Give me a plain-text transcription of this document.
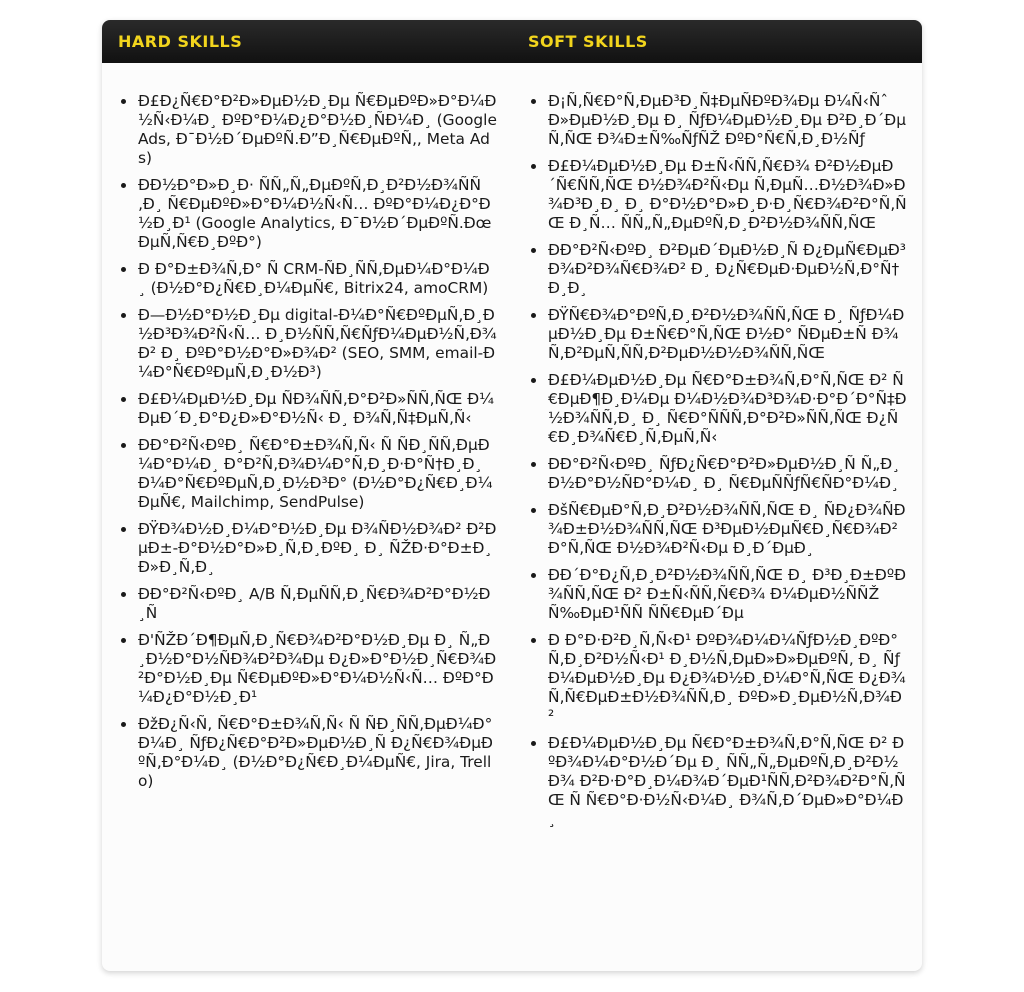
HARD SKILLS	SOFT SKILLS
Ð£Ð¿Ñ€Ð°Ð²Ð»ÐµÐ½Ð¸Ðµ Ñ€ÐµÐºÐ»Ð°Ð¼Ð½Ñ‹Ð¼Ð¸ ÐºÐ°Ð¼Ð¿Ð°Ð½Ð¸ÑÐ¼Ð¸ (Google Ads, Ð¯Ð½Ð´ÐµÐºÑ.Ð”Ð¸Ñ€ÐµÐºÑ‚, Meta Ads)
ÐÐ½Ð°Ð»Ð¸Ð· ÑÑ„Ñ„ÐµÐºÑ‚Ð¸Ð²Ð½Ð¾ÑÑ‚Ð¸ Ñ€ÐµÐºÐ»Ð°Ð¼Ð½Ñ‹Ñ… ÐºÐ°Ð¼Ð¿Ð°Ð½Ð¸Ð¹ (Google Analytics, Ð¯Ð½Ð´ÐµÐºÑ.ÐœÐµÑ‚Ñ€Ð¸ÐºÐ°)
Ð Ð°Ð±Ð¾Ñ‚Ð° Ñ CRM-ÑÐ¸ÑÑ‚ÐµÐ¼Ð°Ð¼Ð¸ (Ð½Ð°Ð¿Ñ€Ð¸Ð¼ÐµÑ€, Bitrix24, amoCRM)
Ð—Ð½Ð°Ð½Ð¸Ðµ digital-Ð¼Ð°Ñ€ÐºÐµÑ‚Ð¸Ð½Ð³Ð¾Ð²Ñ‹Ñ… Ð¸Ð½ÑÑ‚Ñ€ÑƒÐ¼ÐµÐ½Ñ‚Ð¾Ð² Ð¸ ÐºÐ°Ð½Ð°Ð»Ð¾Ð² (SEO, SMM, email-Ð¼Ð°Ñ€ÐºÐµÑ‚Ð¸Ð½Ð³)
Ð£Ð¼ÐµÐ½Ð¸Ðµ ÑÐ¾ÑÑ‚Ð°Ð²Ð»ÑÑ‚ÑŒ Ð¼ÐµÐ´Ð¸Ð°Ð¿Ð»Ð°Ð½Ñ‹ Ð¸ Ð¾Ñ‚Ñ‡ÐµÑ‚Ñ‹
ÐÐ°Ð²Ñ‹ÐºÐ¸ Ñ€Ð°Ð±Ð¾Ñ‚Ñ‹ Ñ ÑÐ¸ÑÑ‚ÐµÐ¼Ð°Ð¼Ð¸ Ð°Ð²Ñ‚Ð¾Ð¼Ð°Ñ‚Ð¸Ð·Ð°Ñ†Ð¸Ð¸ Ð¼Ð°Ñ€ÐºÐµÑ‚Ð¸Ð½Ð³Ð° (Ð½Ð°Ð¿Ñ€Ð¸Ð¼ÐµÑ€, Mailchimp, SendPulse)
ÐŸÐ¾Ð½Ð¸Ð¼Ð°Ð½Ð¸Ðµ Ð¾ÑÐ½Ð¾Ð² Ð²ÐµÐ±-Ð°Ð½Ð°Ð»Ð¸Ñ‚Ð¸ÐºÐ¸ Ð¸ ÑŽÐ·Ð°Ð±Ð¸Ð»Ð¸Ñ‚Ð¸
ÐÐ°Ð²Ñ‹ÐºÐ¸ A/B Ñ‚ÐµÑÑ‚Ð¸Ñ€Ð¾Ð²Ð°Ð½Ð¸Ñ
Ð'ÑŽÐ´Ð¶ÐµÑ‚Ð¸Ñ€Ð¾Ð²Ð°Ð½Ð¸Ðµ Ð¸ Ñ„Ð¸Ð½Ð°Ð½ÑÐ¾Ð²Ð¾Ðµ Ð¿Ð»Ð°Ð½Ð¸Ñ€Ð¾Ð²Ð°Ð½Ð¸Ðµ Ñ€ÐµÐºÐ»Ð°Ð¼Ð½Ñ‹Ñ… ÐºÐ°Ð¼Ð¿Ð°Ð½Ð¸Ð¹
ÐžÐ¿Ñ‹Ñ‚ Ñ€Ð°Ð±Ð¾Ñ‚Ñ‹ Ñ ÑÐ¸ÑÑ‚ÐµÐ¼Ð°Ð¼Ð¸ ÑƒÐ¿Ñ€Ð°Ð²Ð»ÐµÐ½Ð¸Ñ Ð¿Ñ€Ð¾ÐµÐºÑ‚Ð°Ð¼Ð¸ (Ð½Ð°Ð¿Ñ€Ð¸Ð¼ÐµÑ€, Jira, Trello)
Ð¡Ñ‚Ñ€Ð°Ñ‚ÐµÐ³Ð¸Ñ‡ÐµÑÐºÐ¾Ðµ Ð¼Ñ‹ÑˆÐ»ÐµÐ½Ð¸Ðµ Ð¸ ÑƒÐ¼ÐµÐ½Ð¸Ðµ Ð²Ð¸Ð´ÐµÑ‚ÑŒ Ð¾Ð±Ñ‰ÑƒÑŽ ÐºÐ°Ñ€Ñ‚Ð¸Ð½Ñƒ
Ð£Ð¼ÐµÐ½Ð¸Ðµ Ð±Ñ‹ÑÑ‚Ñ€Ð¾ Ð²Ð½ÐµÐ´Ñ€ÑÑ‚ÑŒ Ð½Ð¾Ð²Ñ‹Ðµ Ñ‚ÐµÑ…Ð½Ð¾Ð»Ð¾Ð³Ð¸Ð¸ Ð¸ Ð°Ð½Ð°Ð»Ð¸Ð·Ð¸Ñ€Ð¾Ð²Ð°Ñ‚ÑŒ Ð¸Ñ… ÑÑ„Ñ„ÐµÐºÑ‚Ð¸Ð²Ð½Ð¾ÑÑ‚ÑŒ
ÐÐ°Ð²Ñ‹ÐºÐ¸ Ð²ÐµÐ´ÐµÐ½Ð¸Ñ Ð¿ÐµÑ€ÐµÐ³Ð¾Ð²Ð¾Ñ€Ð¾Ð² Ð¸ Ð¿Ñ€ÐµÐ·ÐµÐ½Ñ‚Ð°Ñ†Ð¸Ð¸
ÐŸÑ€Ð¾Ð°ÐºÑ‚Ð¸Ð²Ð½Ð¾ÑÑ‚ÑŒ Ð¸ ÑƒÐ¼ÐµÐ½Ð¸Ðµ Ð±Ñ€Ð°Ñ‚ÑŒ Ð½Ð° ÑÐµÐ±Ñ Ð¾Ñ‚Ð²ÐµÑ‚ÑÑ‚Ð²ÐµÐ½Ð½Ð¾ÑÑ‚ÑŒ
Ð£Ð¼ÐµÐ½Ð¸Ðµ Ñ€Ð°Ð±Ð¾Ñ‚Ð°Ñ‚ÑŒ Ð² Ñ€ÐµÐ¶Ð¸Ð¼Ðµ Ð¼Ð½Ð¾Ð³Ð¾Ð·Ð°Ð´Ð°Ñ‡Ð½Ð¾ÑÑ‚Ð¸ Ð¸ Ñ€Ð°ÑÑÑ‚Ð°Ð²Ð»ÑÑ‚ÑŒ Ð¿Ñ€Ð¸Ð¾Ñ€Ð¸Ñ‚ÐµÑ‚Ñ‹
ÐÐ°Ð²Ñ‹ÐºÐ¸ ÑƒÐ¿Ñ€Ð°Ð²Ð»ÐµÐ½Ð¸Ñ Ñ„Ð¸Ð½Ð°Ð½ÑÐ°Ð¼Ð¸ Ð¸ Ñ€ÐµÑÑƒÑ€ÑÐ°Ð¼Ð¸
ÐšÑ€ÐµÐ°Ñ‚Ð¸Ð²Ð½Ð¾ÑÑ‚ÑŒ Ð¸ ÑÐ¿Ð¾ÑÐ¾Ð±Ð½Ð¾ÑÑ‚ÑŒ Ð³ÐµÐ½ÐµÑ€Ð¸Ñ€Ð¾Ð²Ð°Ñ‚ÑŒ Ð½Ð¾Ð²Ñ‹Ðµ Ð¸Ð´ÐµÐ¸
ÐÐ´Ð°Ð¿Ñ‚Ð¸Ð²Ð½Ð¾ÑÑ‚ÑŒ Ð¸ Ð³Ð¸Ð±ÐºÐ¾ÑÑ‚ÑŒ Ð² Ð±Ñ‹ÑÑ‚Ñ€Ð¾ Ð¼ÐµÐ½ÑÑŽÑ‰ÐµÐ¹ÑÑ ÑÑ€ÐµÐ´Ðµ
Ð Ð°Ð·Ð²Ð¸Ñ‚Ñ‹Ð¹ ÐºÐ¾Ð¼Ð¼ÑƒÐ½Ð¸ÐºÐ°Ñ‚Ð¸Ð²Ð½Ñ‹Ð¹ Ð¸Ð½Ñ‚ÐµÐ»Ð»ÐµÐºÑ‚ Ð¸ ÑƒÐ¼ÐµÐ½Ð¸Ðµ Ð¿Ð¾Ð½Ð¸Ð¼Ð°Ñ‚ÑŒ Ð¿Ð¾Ñ‚Ñ€ÐµÐ±Ð½Ð¾ÑÑ‚Ð¸ ÐºÐ»Ð¸ÐµÐ½Ñ‚Ð¾Ð²
Ð£Ð¼ÐµÐ½Ð¸Ðµ Ñ€Ð°Ð±Ð¾Ñ‚Ð°Ñ‚ÑŒ Ð² ÐºÐ¾Ð¼Ð°Ð½Ð´Ðµ Ð¸ ÑÑ„Ñ„ÐµÐºÑ‚Ð¸Ð²Ð½Ð¾ Ð²Ð·Ð°Ð¸Ð¼Ð¾Ð´ÐµÐ¹ÑÑ‚Ð²Ð¾Ð²Ð°Ñ‚ÑŒ Ñ Ñ€Ð°Ð·Ð½Ñ‹Ð¼Ð¸ Ð¾Ñ‚Ð´ÐµÐ»Ð°Ð¼Ð¸
